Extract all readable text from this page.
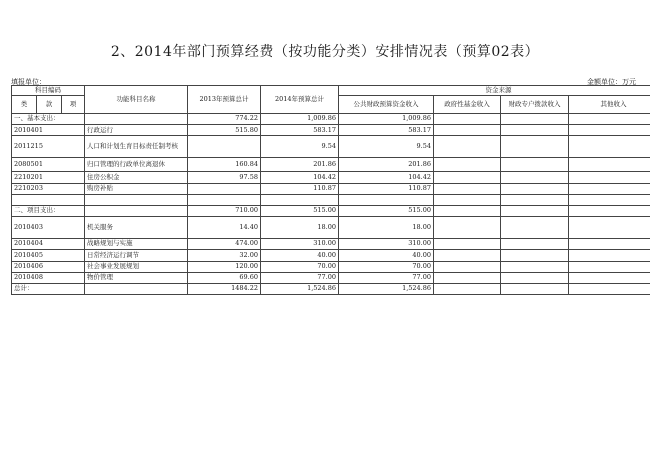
2、2014年部门预算经费（按功能分类）安排情况表（预算02表）
填报单位：	金额单位：万元
科目编码			功能科目名称	2013年预算总计	2014年预算总计	资金来源			
类	款	项				公共财政预算资金收入	政府性基金收入	财政专户拨款收入	其他收入
一、基本支出：				774.22	1,009.86	1,009.86			
2010401			行政运行	515.80	583.17	583.17			
2011215			人口和计划生育目标责任制考核		9.54	9.54			
2080501			归口管理的行政单位离退休	160.84	201.86	201.86			
2210201			住房公积金	97.58	104.42	104.42			
2210203			购房补贴		110.87	110.87			

二、项目支出：				710.00	515.00	515.00			
2010403			机关服务	14.40	18.00	18.00			
2010404			战略规划与实施	474.00	310.00	310.00			
2010405			日常经济运行调节	32.00	40.00	40.00			
2010406			社会事业发展规划	120.00	70.00	70.00			
2010408			物价管理	69.60	77.00	77.00			
总计：				1484.22	1,524.86	1,524.86			
